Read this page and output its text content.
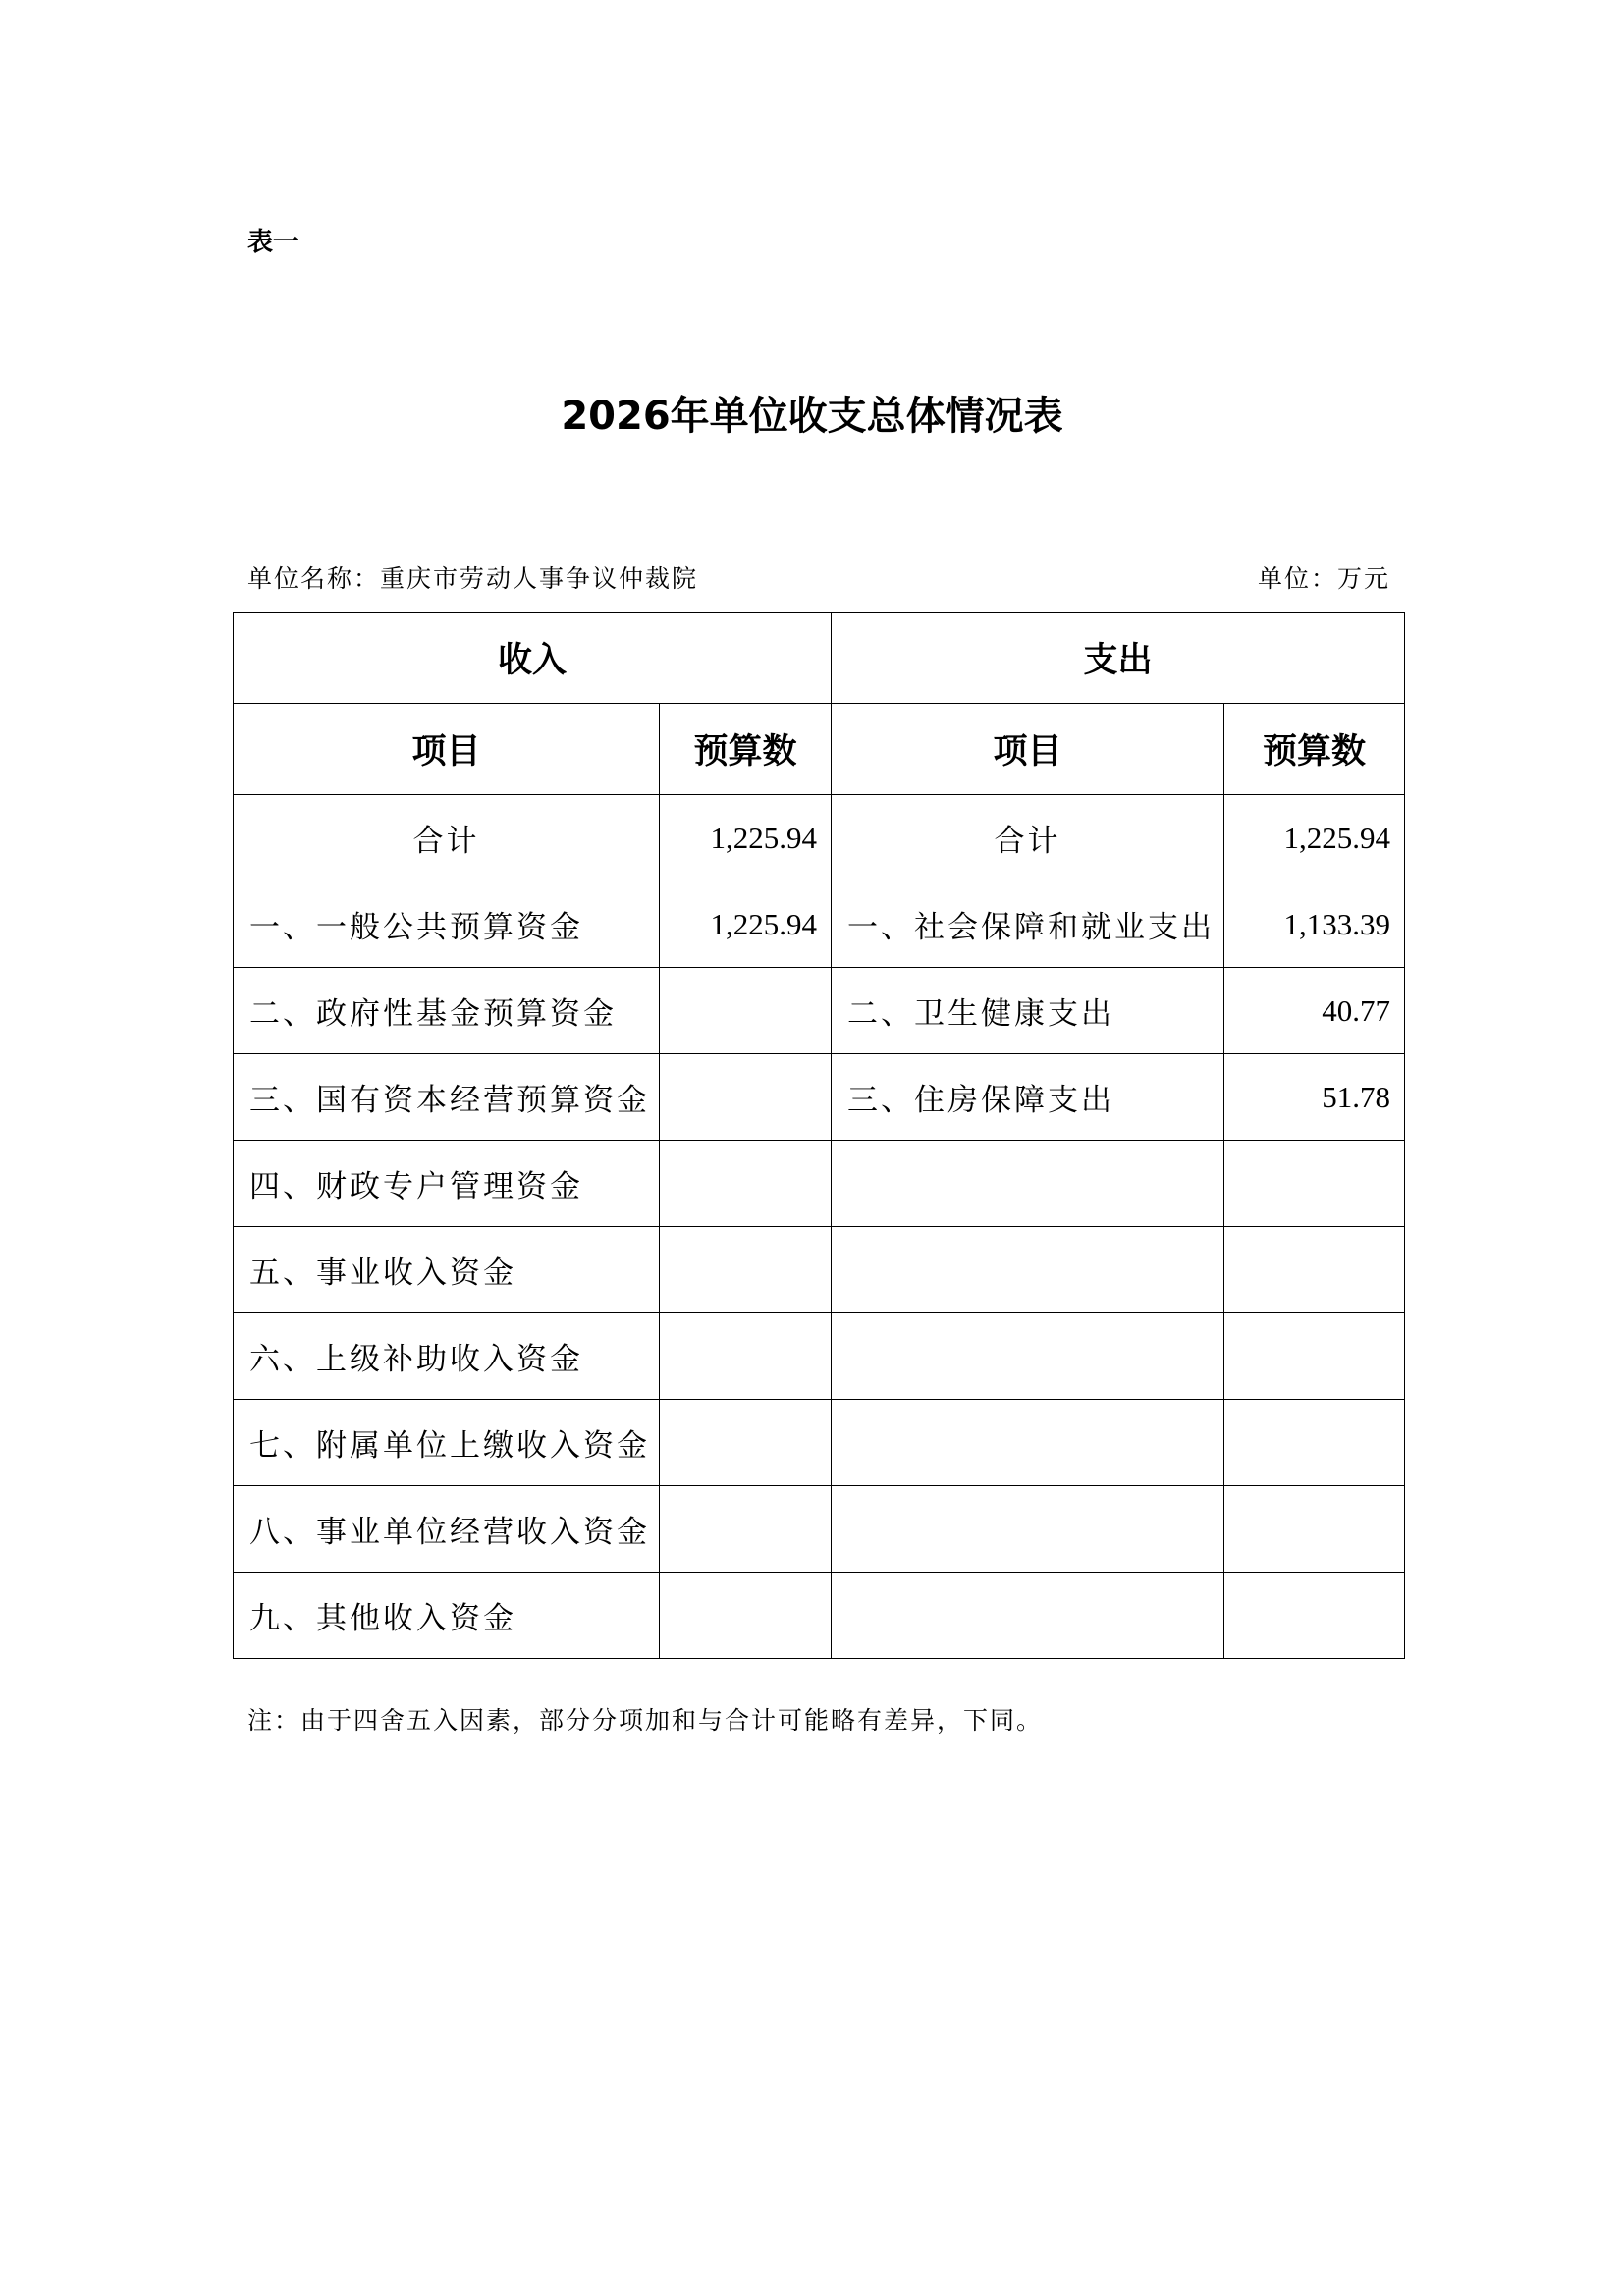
表一
2026年单位收支总体情况表
单位名称：重庆市劳动人事争议仲裁院	单位：万元
收入		支出	
项目	预算数	项目	预算数
合计	1,225.94	合计	1,225.94
一、一般公共预算资金	1,225.94	一、社会保障和就业支出	1,133.39
二、政府性基金预算资金		二、卫生健康支出	40.77
三、国有资本经营预算资金		三、住房保障支出	51.78
四、财政专户管理资金			
五、事业收入资金			
六、上级补助收入资金			
七、附属单位上缴收入资金			
八、事业单位经营收入资金			
九、其他收入资金			
注：由于四舍五入因素，部分分项加和与合计可能略有差异，下同。
